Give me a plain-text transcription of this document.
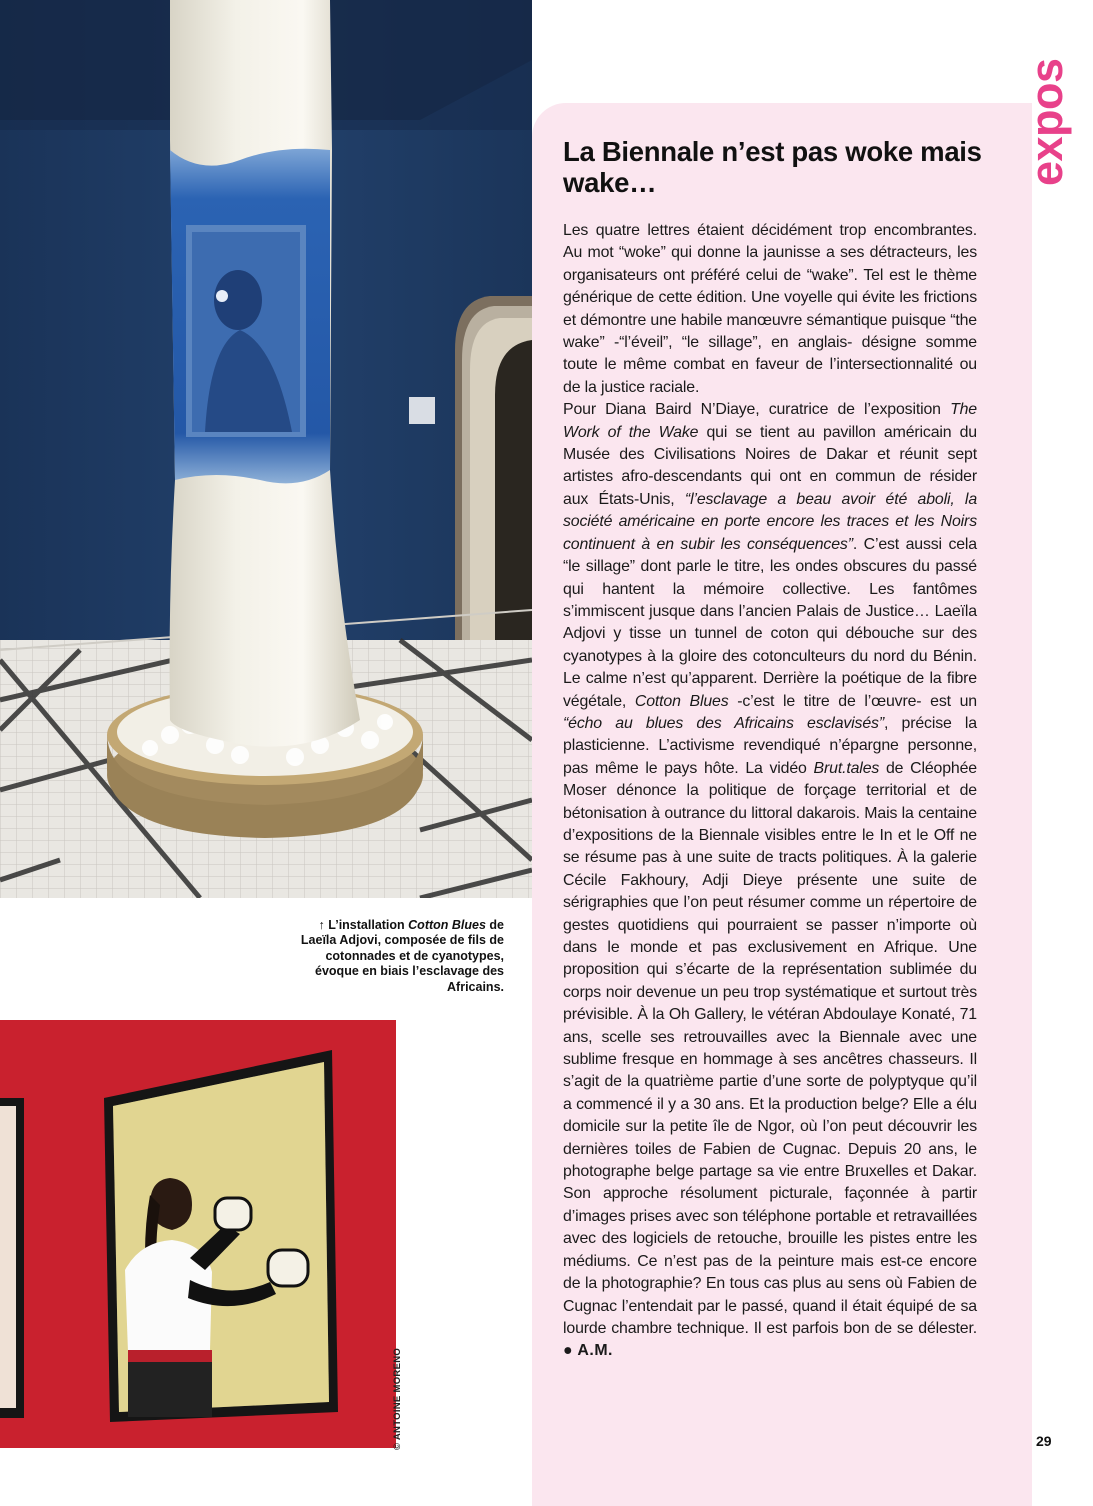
↑ L’installation Cotton Blues de Laeïla Adjovi, composée de fils de cotonnades et de cyanotypes, évoque en biais l’esclavage des Africains.
© ANTOINE MORENO
expos
La Biennale n’est pas woke mais wake…

Les quatre lettres étaient décidément trop encombrantes. Au mot “woke” qui donne la jaunisse a ses détracteurs, les organisateurs ont préféré celui de “wake”. Tel est le thème générique de cette édition. Une voyelle qui évite les frictions et démontre une habile manœuvre sémantique puisque “the wake” -“l’éveil”, “le sillage”, en anglais- désigne somme toute le même combat en faveur de l’intersectionnalité ou de la justice raciale.

Pour Diana Baird N’Diaye, curatrice de l’exposition The Work of the Wake qui se tient au pavillon américain du Musée des Civilisations Noires de Dakar et réunit sept artistes afro-descendants qui ont en commun de résider aux États-Unis, “l’esclavage a beau avoir été aboli, la société américaine en porte encore les traces et les Noirs continuent à en subir les conséquences”. C’est aussi cela “le sillage” dont parle le titre, les ondes obscures du passé qui hantent la mémoire collective. Les fantômes s’immiscent jusque dans l’ancien Palais de Justice… Laeïla Adjovi y tisse un tunnel de coton qui débouche sur des cyanotypes à la gloire des cotonculteurs du nord du Bénin. Le calme n’est qu’apparent. Derrière la poétique de la fibre végétale, Cotton Blues -c’est le titre de l’œuvre- est un “écho au blues des Africains esclavisés”, précise la plasticienne. L’activisme revendiqué n’épargne personne, pas même le pays hôte. La vidéo Brut.tales de Cléophée Moser dénonce la politique de forçage territorial et de bétonisation à outrance du littoral dakarois. Mais la centaine d’expositions de la Biennale visibles entre le In et le Off ne se résume pas à une suite de tracts politiques. À la galerie Cécile Fakhoury, Adji Dieye présente une suite de sérigraphies que l’on peut résumer comme un répertoire de gestes quotidiens qui pourraient se passer n’importe où dans le monde et pas exclusivement en Afrique. Une proposition qui s’écarte de la représentation sublimée du corps noir devenue un peu trop systématique et surtout très prévisible. À la Oh Gallery, le vétéran Abdoulaye Konaté, 71 ans, scelle ses retrouvailles avec la Biennale avec une sublime fresque en hommage à ses ancêtres chasseurs. Il s’agit de la quatrième partie d’une sorte de polyptyque qu’il a commencé il y a 30 ans. Et la production belge? Elle a élu domicile sur la petite île de Ngor, où l’on peut découvrir les dernières toiles de Fabien de Cugnac. Depuis 20 ans, le photographe belge partage sa vie entre Bruxelles et Dakar. Son approche résolument picturale, façonnée à partir d’images prises avec son téléphone portable et retravaillées avec des logiciels de retouche, brouille les pistes entre les médiums. Ce n’est pas de la peinture mais est-ce encore de la photographie? En tous cas plus au sens où Fabien de Cugnac l’entendait par le passé, quand il était équipé de sa lourde chambre technique. Il est parfois bon de se délester. ● A.M.

29
